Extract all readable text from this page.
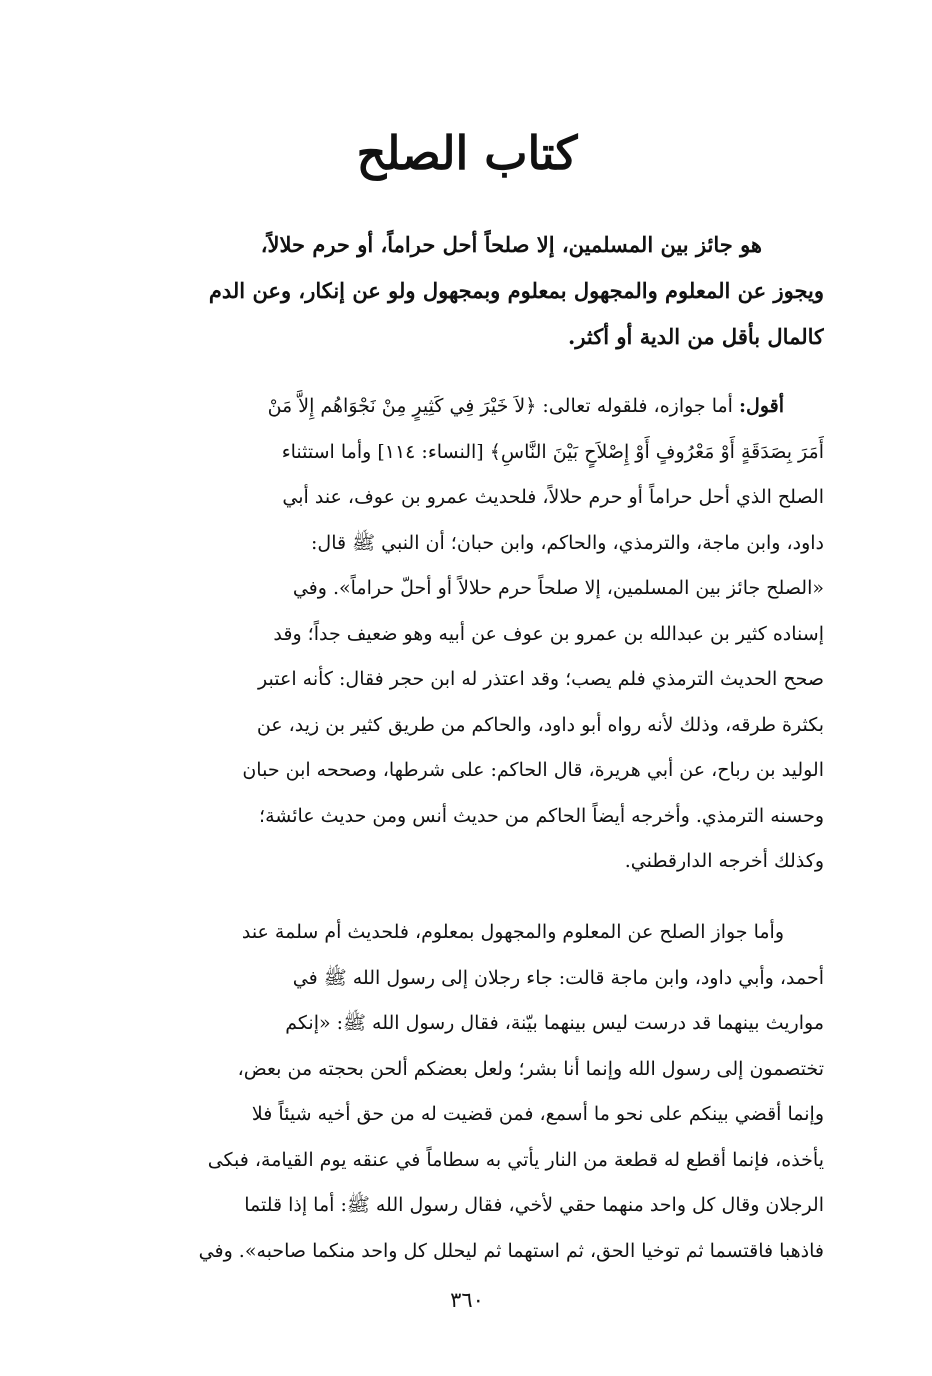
كتاب الصلح
هو جائز بين المسلمين، إلا صلحاً أحل حراماً، أو حرم حلالاً،
ويجوز عن المعلوم والمجهول بمعلوم وبمجهول ولو عن إنكار، وعن الدم
كالمال بأقل من الدية أو أكثر.
أقول: أما جوازه، فلقوله تعالى: ﴿لاَ خَيْرَ فِي كَثِيرٍ مِنْ نَجْوَاهُم إِلاَّ مَنْ
أَمَرَ بِصَدَقَةٍ أَوْ مَعْرُوفٍ أَوْ إِصْلاَحٍ بَيْنَ النَّاسِ﴾ [النساء: ١١٤] وأما استثناء
الصلح الذي أحل حراماً أو حرم حلالاً، فلحديث عمرو بن عوف، عند أبي
داود، وابن ماجة، والترمذي، والحاكم، وابن حبان؛ أن النبي ﷺ قال:
«الصلح جائز بين المسلمين، إلا صلحاً حرم حلالاً أو أحلّ حراماً». وفي
إسناده كثير بن عبدالله بن عمرو بن عوف عن أبيه وهو ضعيف جداً؛ وقد
صحح الحديث الترمذي فلم يصب؛ وقد اعتذر له ابن حجر فقال: كأنه اعتبر
بكثرة طرقه، وذلك لأنه رواه أبو داود، والحاكم من طريق كثير بن زيد، عن
الوليد بن رباح، عن أبي هريرة، قال الحاكم: على شرطها، وصححه ابن حبان
وحسنه الترمذي. وأخرجه أيضاً الحاكم من حديث أنس ومن حديث عائشة؛
وكذلك أخرجه الدارقطني.
وأما جواز الصلح عن المعلوم والمجهول بمعلوم، فلحديث أم سلمة عند
أحمد، وأبي داود، وابن ماجة قالت: جاء رجلان إلى رسول الله ﷺ في
مواريث بينهما قد درست ليس بينهما بيّنة، فقال رسول الله ﷺ: «إنكم
تختصمون إلى رسول الله وإنما أنا بشر؛ ولعل بعضكم ألحن بحجته من بعض،
وإنما أقضي بينكم على نحو ما أسمع، فمن قضيت له من حق أخيه شيئاً فلا
يأخذه، فإنما أقطع له قطعة من النار يأتي به سطاماً في عنقه يوم القيامة، فبكى
الرجلان وقال كل واحد منهما حقي لأخي، فقال رسول الله ﷺ: أما إذا قلتما
فاذهبا فاقتسما ثم توخيا الحق، ثم استهما ثم ليحلل كل واحد منكما صاحبه». وفي
٣٦٠
